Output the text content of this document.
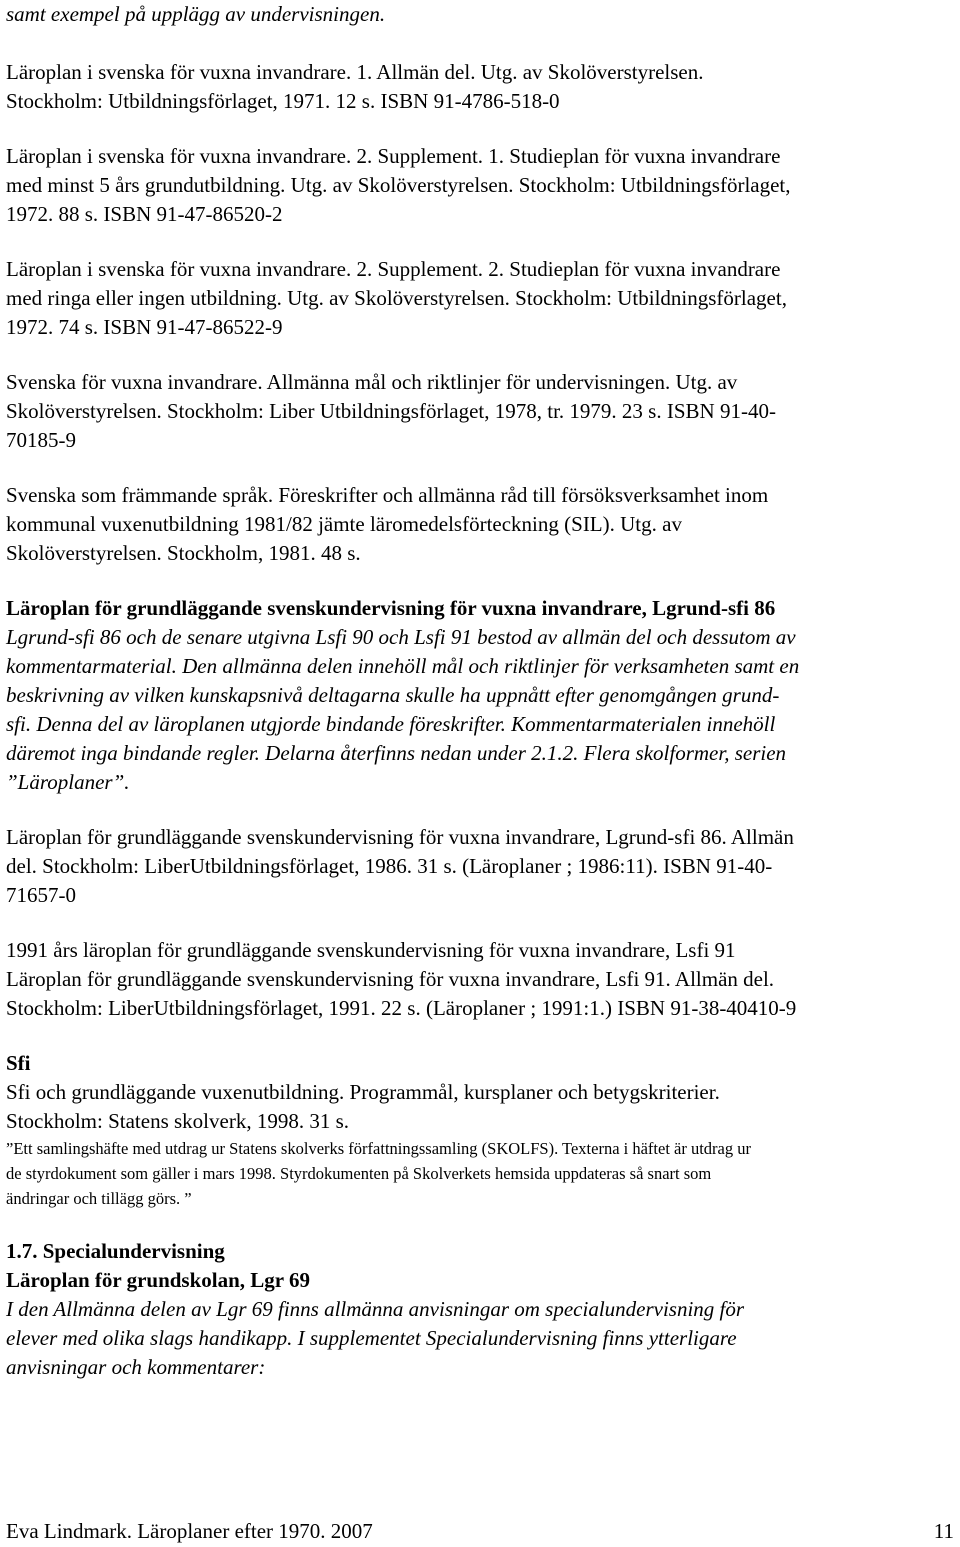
samt exempel på upplägg av undervisningen.
Läroplan i svenska för vuxna invandrare. 1. Allmän del. Utg. av Skolöverstyrelsen.
Stockholm: Utbildningsförlaget, 1971. 12 s. ISBN 91-4786-518-0
Läroplan i svenska för vuxna invandrare. 2. Supplement. 1. Studieplan för vuxna invandrare
med minst 5 års grundutbildning. Utg. av Skolöverstyrelsen. Stockholm: Utbildningsförlaget,
1972. 88 s. ISBN 91-47-86520-2
Läroplan i svenska för vuxna invandrare. 2. Supplement. 2. Studieplan för vuxna invandrare
med ringa eller ingen utbildning. Utg. av Skolöverstyrelsen. Stockholm: Utbildningsförlaget,
1972. 74 s. ISBN 91-47-86522-9
Svenska för vuxna invandrare. Allmänna mål och riktlinjer för undervisningen. Utg. av
Skolöverstyrelsen. Stockholm: Liber Utbildningsförlaget, 1978, tr. 1979. 23 s. ISBN 91-40-
70185-9
Svenska som främmande språk. Föreskrifter och allmänna råd till försöksverksamhet inom
kommunal vuxenutbildning 1981/82 jämte läromedelsförteckning (SIL). Utg. av
Skolöverstyrelsen. Stockholm, 1981. 48 s.
Läroplan för grundläggande svenskundervisning för vuxna invandrare, Lgrund-sfi 86
Lgrund-sfi 86 och de senare utgivna Lsfi 90 och Lsfi 91 bestod av allmän del och dessutom av
kommentarmaterial. Den allmänna delen innehöll mål och riktlinjer för verksamheten samt en
beskrivning av vilken kunskapsnivå deltagarna skulle ha uppnått efter genomgången grund-
sfi. Denna del av läroplanen utgjorde bindande föreskrifter. Kommentarmaterialen innehöll
däremot inga bindande regler. Delarna återfinns nedan under 2.1.2. Flera skolformer, serien
”Läroplaner”.
Läroplan för grundläggande svenskundervisning för vuxna invandrare, Lgrund-sfi 86. Allmän
del. Stockholm: LiberUtbildningsförlaget, 1986. 31 s. (Läroplaner ; 1986:11). ISBN 91-40-
71657-0
1991 års läroplan för grundläggande svenskundervisning för vuxna invandrare, Lsfi 91
Läroplan för grundläggande svenskundervisning för vuxna invandrare, Lsfi 91. Allmän del.
Stockholm: LiberUtbildningsförlaget, 1991. 22 s. (Läroplaner ; 1991:1.) ISBN 91-38-40410-9
Sfi
Sfi och grundläggande vuxenutbildning. Programmål, kursplaner och betygskriterier.
Stockholm: Statens skolverk, 1998. 31 s.
”Ett samlingshäfte med utdrag ur Statens skolverks författningssamling (SKOLFS). Texterna i häftet är utdrag ur
de styrdokument som gäller i mars 1998. Styrdokumenten på Skolverkets hemsida uppdateras så snart som
ändringar och tillägg görs. ”
1.7. Specialundervisning
Läroplan för grundskolan, Lgr 69
I den Allmänna delen av Lgr 69 finns allmänna anvisningar om specialundervisning för
elever med olika slags handikapp. I supplementet Specialundervisning finns ytterligare
anvisningar och kommentarer:
Eva Lindmark. Läroplaner efter 1970. 2007	11
